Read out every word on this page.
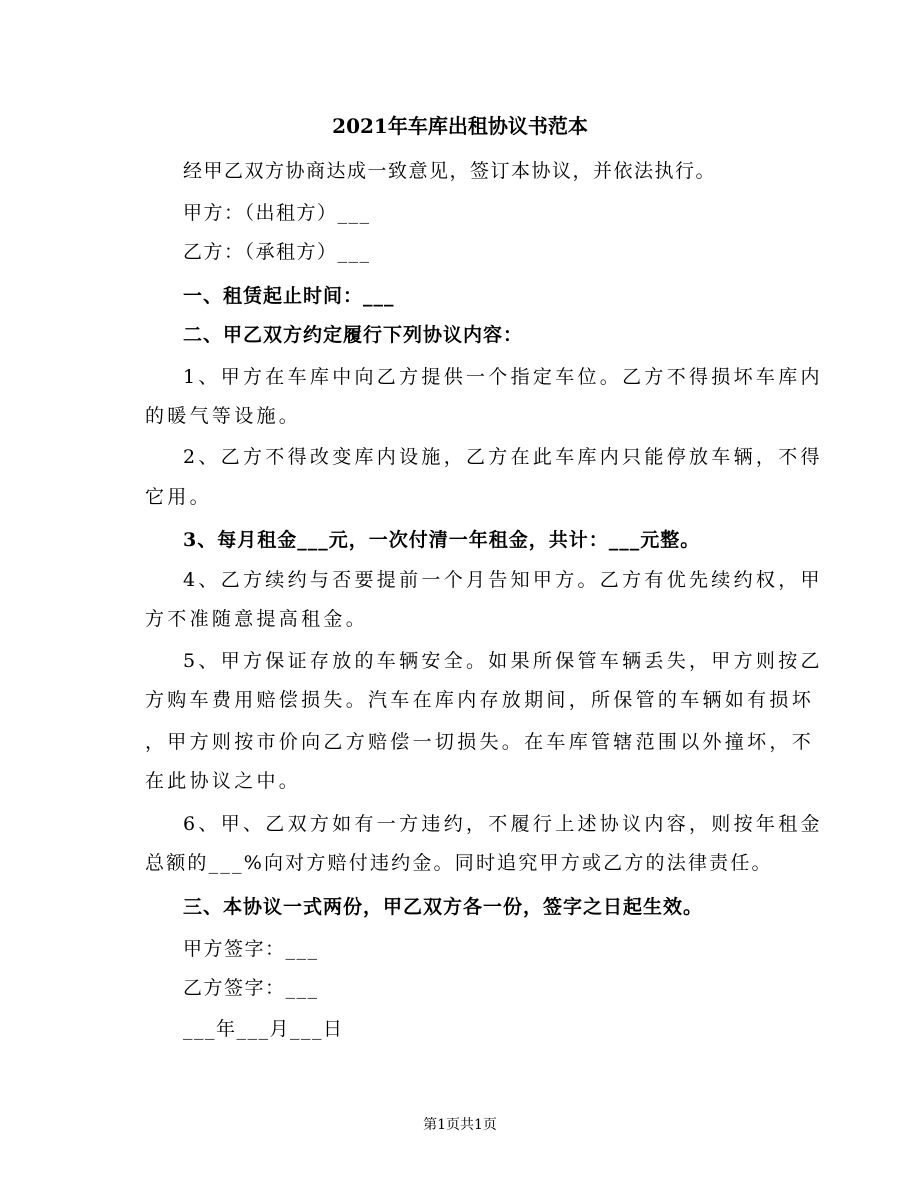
2021年车库出租协议书范本
经甲乙双方协商达成一致意见，签订本协议，并依法执行。
甲方：（出租方）___
乙方：（承租方）___
一、租赁起止时间：___
二、甲乙双方约定履行下列协议内容：
1、甲方在车库中向乙方提供一个指定车位。乙方不得损坏车库内
的暖气等设施。
2、乙方不得改变库内设施，乙方在此车库内只能停放车辆，不得
它用。
3、每月租金___元，一次付清一年租金，共计：___元整。
4、乙方续约与否要提前一个月告知甲方。乙方有优先续约权，甲
方不准随意提高租金。
5、甲方保证存放的车辆安全。如果所保管车辆丢失，甲方则按乙
方购车费用赔偿损失。汽车在库内存放期间，所保管的车辆如有损坏
，甲方则按市价向乙方赔偿一切损失。在车库管辖范围以外撞坏，不
在此协议之中。
6、甲、乙双方如有一方违约，不履行上述协议内容，则按年租金
总额的___%向对方赔付违约金。同时追究甲方或乙方的法律责任。
三、本协议一式两份，甲乙双方各一份，签字之日起生效。
甲方签字：___
乙方签字：___
___年___月___日
第1页共1页
